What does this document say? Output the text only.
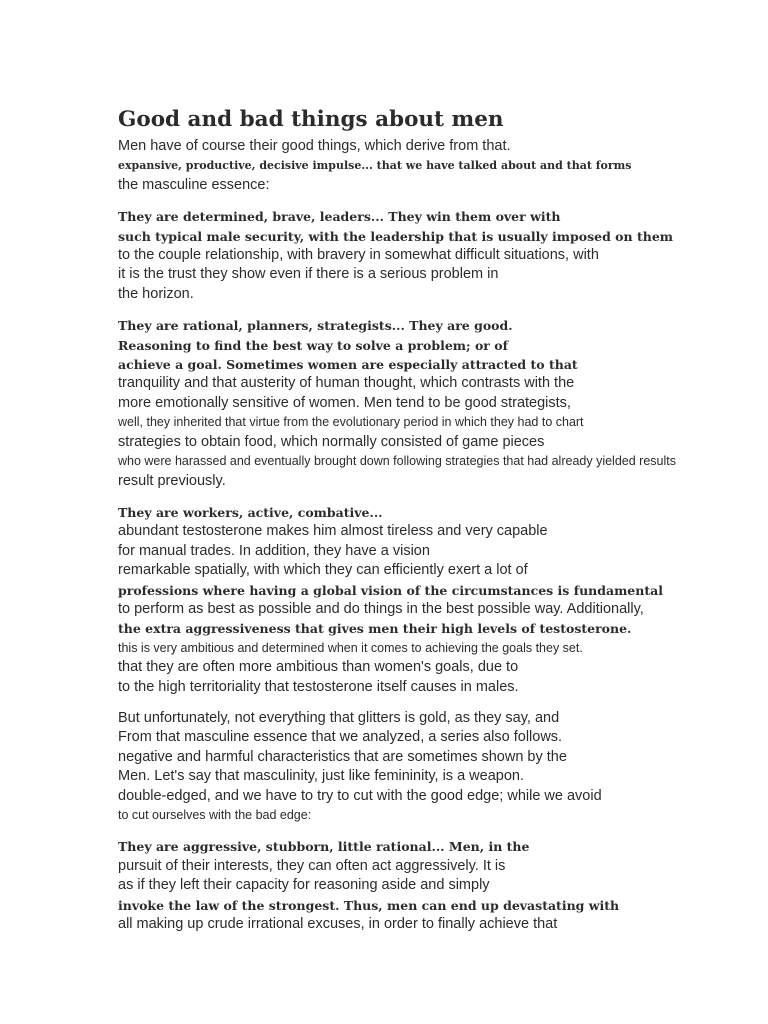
Good and bad things about men
Men have of course their good things, which derive from that.
expansive, productive, decisive impulse... that we have talked about and that forms
the masculine essence:
They are determined, brave, leaders... They win them over with
such typical male security, with the leadership that is usually imposed on them
to the couple relationship, with bravery in somewhat difficult situations, with
it is the trust they show even if there is a serious problem in
the horizon.
They are rational, planners, strategists... They are good.
Reasoning to find the best way to solve a problem; or of
achieve a goal. Sometimes women are especially attracted to that
tranquility and that austerity of human thought, which contrasts with the
more emotionally sensitive of women. Men tend to be good strategists,
well, they inherited that virtue from the evolutionary period in which they had to chart
strategies to obtain food, which normally consisted of game pieces
who were harassed and eventually brought down following strategies that had already yielded results
result previously.
They are workers, active, combative...
abundant testosterone makes him almost tireless and very capable
for manual trades. In addition, they have a vision
remarkable spatially, with which they can efficiently exert a lot of
professions where having a global vision of the circumstances is fundamental
to perform as best as possible and do things in the best possible way. Additionally,
the extra aggressiveness that gives men their high levels of testosterone.
this is very ambitious and determined when it comes to achieving the goals they set.
that they are often more ambitious than women's goals, due to
to the high territoriality that testosterone itself causes in males.
But unfortunately, not everything that glitters is gold, as they say, and
From that masculine essence that we analyzed, a series also follows.
negative and harmful characteristics that are sometimes shown by the
Men. Let's say that masculinity, just like femininity, is a weapon.
double-edged, and we have to try to cut with the good edge; while we avoid
to cut ourselves with the bad edge:
They are aggressive, stubborn, little rational... Men, in the
pursuit of their interests, they can often act aggressively. It is
as if they left their capacity for reasoning aside and simply
invoke the law of the strongest. Thus, men can end up devastating with
all making up crude irrational excuses, in order to finally achieve that
